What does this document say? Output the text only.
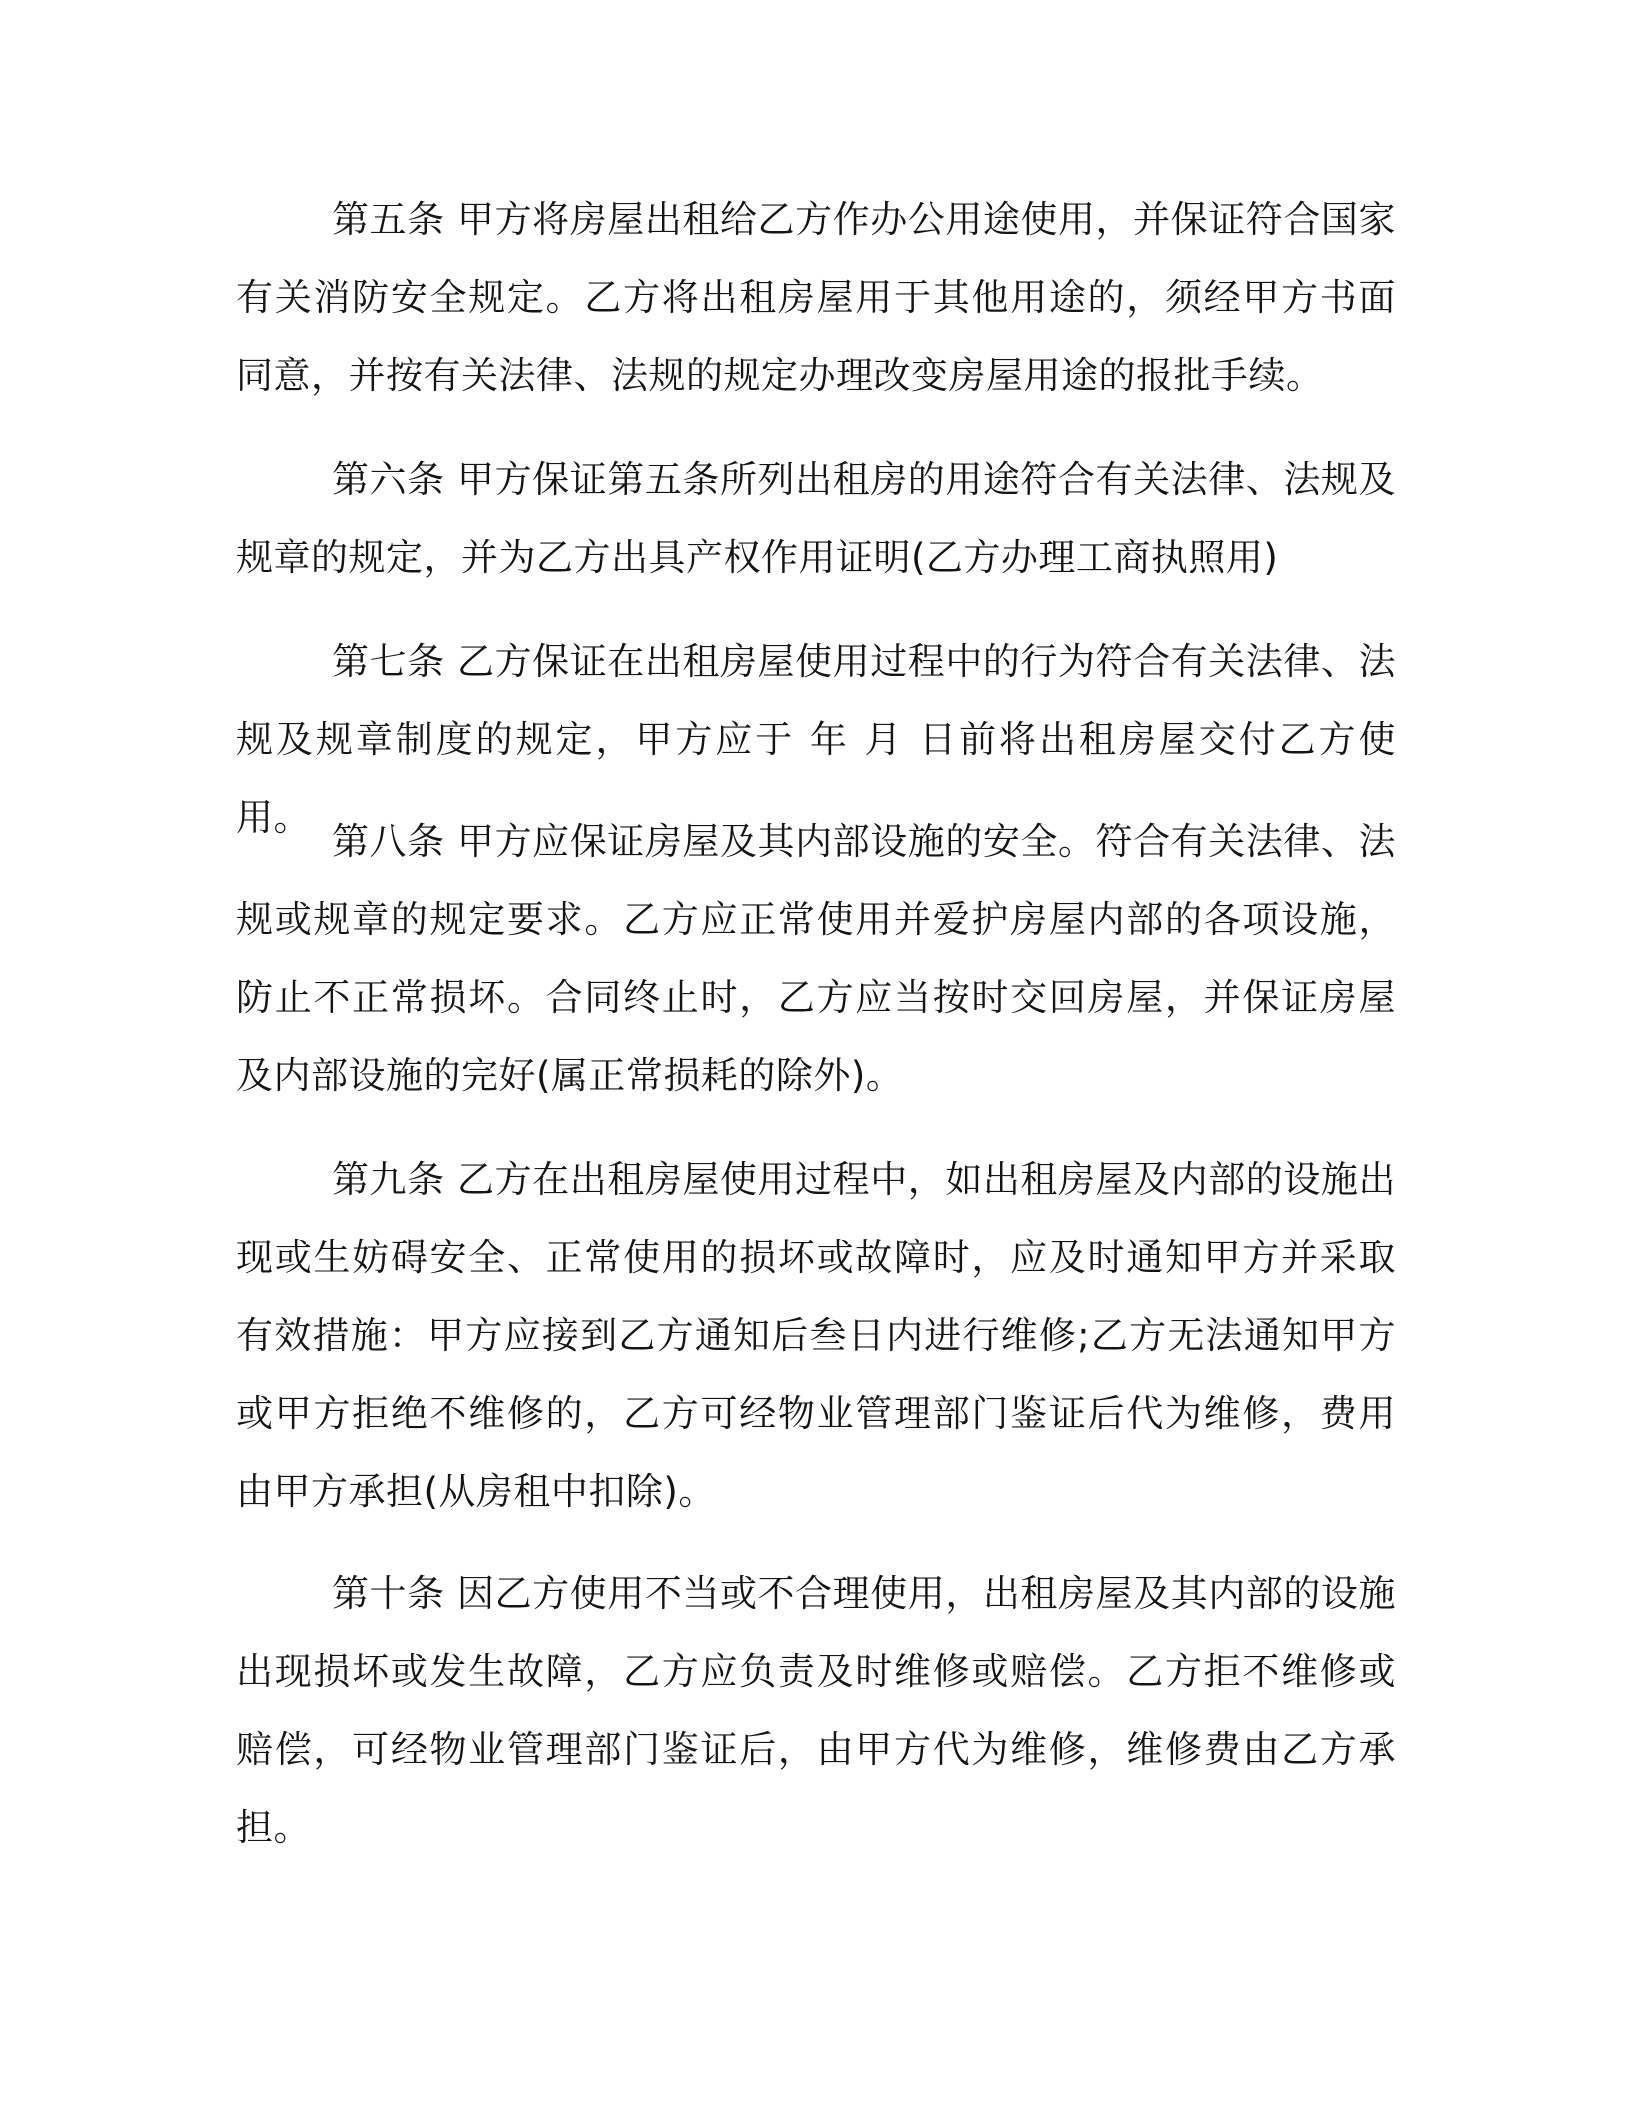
第五条 甲方将房屋出租给乙方作办公用途使用，并保证符合国家有关消防安全规定。乙方将出租房屋用于其他用途的，须经甲方书面同意，并按有关法律、法规的规定办理改变房屋用途的报批手续。

第六条 甲方保证第五条所列出租房的用途符合有关法律、法规及规章的规定，并为乙方出具产权作用证明(乙方办理工商执照用)

第七条 乙方保证在出租房屋使用过程中的行为符合有关法律、法规及规章制度的规定，甲方应于 年 月 日前将出租房屋交付乙方使用。

第八条 甲方应保证房屋及其内部设施的安全。符合有关法律、法规或规章的规定要求。乙方应正常使用并爱护房屋内部的各项设施，防止不正常损坏。合同终止时，乙方应当按时交回房屋，并保证房屋及内部设施的完好(属正常损耗的除外)。

第九条 乙方在出租房屋使用过程中，如出租房屋及内部的设施出现或生妨碍安全、正常使用的损坏或故障时，应及时通知甲方并采取有效措施：甲方应接到乙方通知后叁日内进行维修;乙方无法通知甲方或甲方拒绝不维修的，乙方可经物业管理部门鉴证后代为维修，费用由甲方承担(从房租中扣除)。

第十条 因乙方使用不当或不合理使用，出租房屋及其内部的设施出现损坏或发生故障，乙方应负责及时维修或赔偿。乙方拒不维修或赔偿，可经物业管理部门鉴证后，由甲方代为维修，维修费由乙方承担。
